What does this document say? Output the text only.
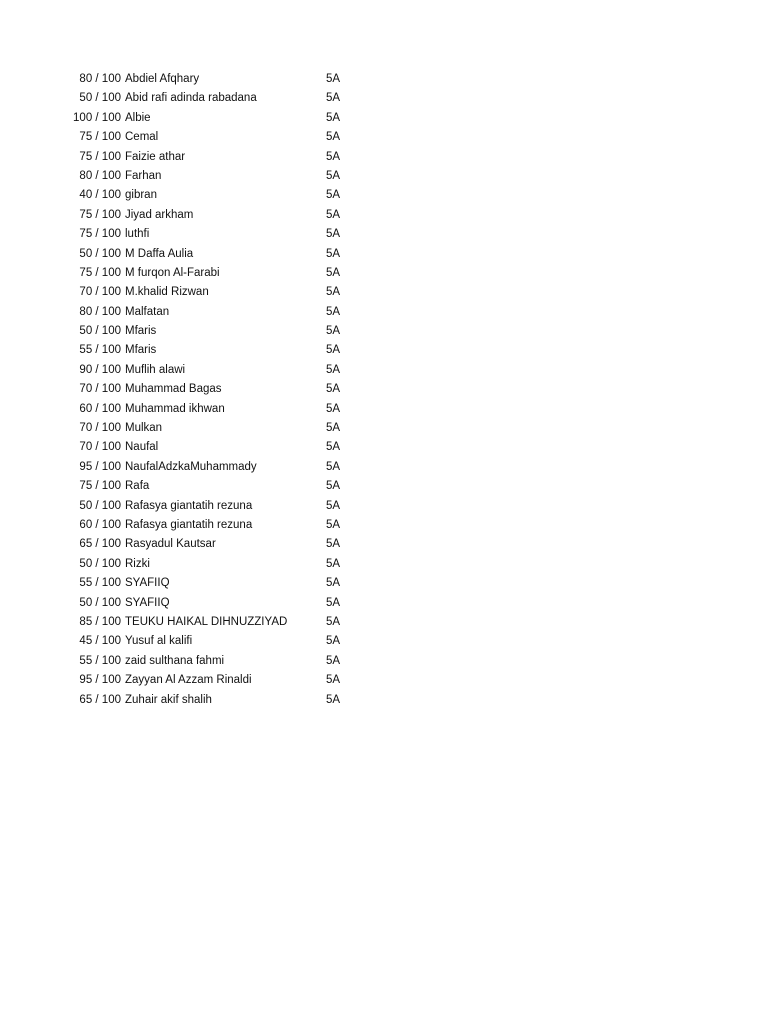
80 / 100 Abdiel Afqhary	5A
50 / 100 Abid rafi adinda rabadana	5A
100 / 100 Albie	5A
75 / 100 Cemal	5A
75 / 100 Faizie athar	5A
80 / 100 Farhan	5A
40 / 100 gibran	5A
75 / 100 Jiyad arkham	5A
75 / 100 luthfi	5A
50 / 100 M Daffa Aulia	5A
75 / 100 M furqon Al-Farabi	5A
70 / 100 M.khalid Rizwan	5A
80 / 100 Malfatan	5A
50 / 100 Mfaris	5A
55 / 100 Mfaris	5A
90 / 100 Muflih alawi	5A
70 / 100 Muhammad Bagas	5A
60 / 100 Muhammad ikhwan	5A
70 / 100 Mulkan	5A
70 / 100 Naufal	5A
95 / 100 NaufalAdzkaMuhammady	5A
75 / 100 Rafa	5A
50 / 100 Rafasya giantatih rezuna	5A
60 / 100 Rafasya giantatih rezuna	5A
65 / 100 Rasyadul Kautsar	5A
50 / 100 Rizki	5A
55 / 100 SYAFIIQ	5A
50 / 100 SYAFIIQ	5A
85 / 100 TEUKU HAIKAL DIHNUZZIYAD	5A
45 / 100 Yusuf al kalifi	5A
55 / 100 zaid sulthana fahmi	5A
95 / 100 Zayyan Al Azzam Rinaldi	5A
65 / 100 Zuhair akif shalih	5A
